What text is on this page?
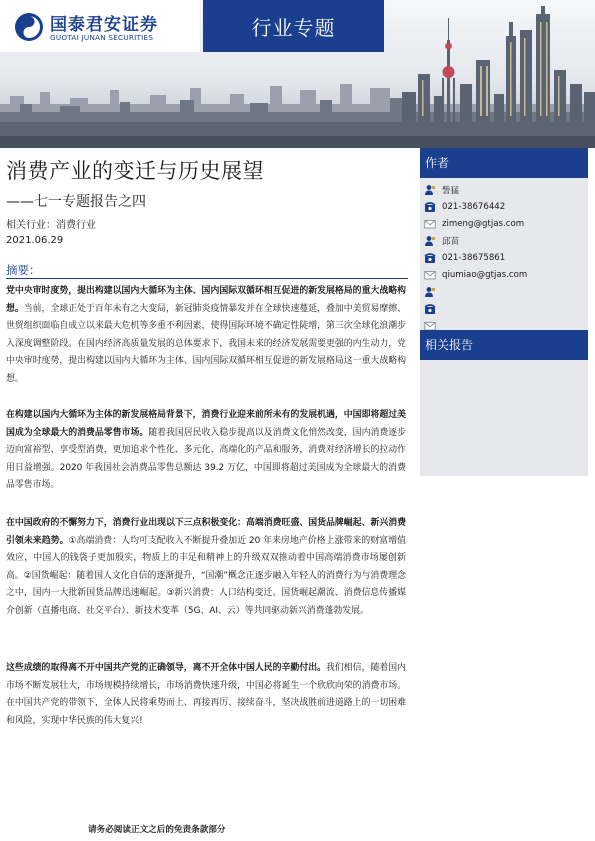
国泰君安证券
GUOTAI JUNAN SECURITIES	行业专题
消费产业的变迁与历史展望
——七一专题报告之四
相关行业：消费行业
2021.06.29
摘要：

党中央审时度势，提出构建以国内大循环为主体、国内国际双循环相互促进的新发展格局的重大战略构想。当前，全球正处于百年未有之大变局，新冠肺炎疫情暴发并在全球快速蔓延，叠加中美贸易摩擦、世贸组织面临自成立以来最大危机等多重不利因素，使得国际环境不确定性陡增，第三次全球化浪潮步入深度调整阶段。在国内经济高质量发展的总体要求下，我国未来的经济发展需要更强的内生动力，党中央审时度势，提出构建以国内大循环为主体、国内国际双循环相互促进的新发展格局这一重大战略构想。

在构建以国内大循环为主体的新发展格局背景下，消费行业迎来前所未有的发展机遇，中国即将超过美国成为全球最大的消费品零售市场。随着我国居民收入稳步提高以及消费文化悄然改变，国内消费逐步迈向富裕型、享受型消费，更加追求个性化、多元化、高端化的产品和服务，消费对经济增长的拉动作用日益增强。2020 年我国社会消费品零售总额达 39.2 万亿，中国即将超过美国成为全球最大的消费品零售市场。

在中国政府的不懈努力下，消费行业出现以下三点积极变化：高端消费旺盛、国货品牌崛起、新兴消费引领未来趋势。①高端消费：人均可支配收入不断提升叠加近 20 年来房地产价格上涨带来的财富增值效应，中国人的钱袋子更加殷实，物质上的丰足和精神上的升级双双推动着中国高端消费市场屡创新高。②国货崛起：随着国人文化自信的逐渐提升，“国潮”概念正逐步融入年轻人的消费行为与消费理念之中，国内一大批新国货品牌迅速崛起。③新兴消费：人口结构变迁、国货崛起潮流、消费信息传播媒介创新（直播电商、社交平台）、新技术变革（5G、AI、云）等共同驱动新兴消费蓬勃发展。

这些成绩的取得离不开中国共产党的正确领导，离不开全体中国人民的辛勤付出。我们相信，随着国内市场不断发展壮大，市场规模持续增长，市场消费快速升级，中国必将诞生一个欣欣向荣的消费市场。在中国共产党的带领下，全体人民将乘势而上、再接再厉、接续奋斗，坚决战胜前进道路上的一切困难和风险，实现中华民族的伟大复兴!

作者
訾猛
021-38676442
zimeng@gtjas.com
邱苗
021-38675861
qiumiao@gtjas.com
相关报告
请务必阅读正文之后的免责条款部分
